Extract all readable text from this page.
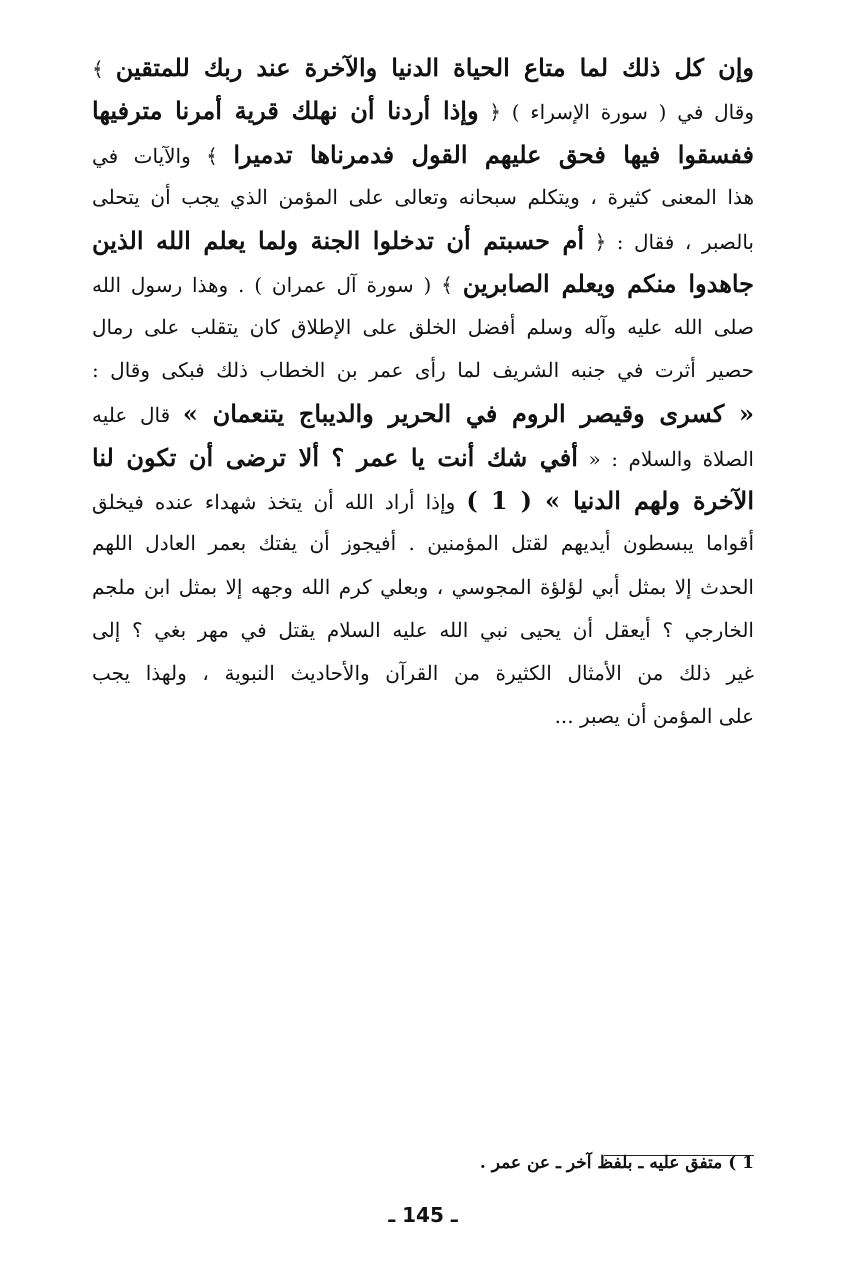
وإن كل ذلك لما متاع الحياة الدنيا والآخرة عند ربك للمتقين ﴾
وقال في ( سورة الإسراء ) ﴿ وإذا أردنا أن نهلك قرية أمرنا مترفيها
ففسقوا فيها فحق عليهم القول فدمرناها تدميرا ﴾ والآيات في
هذا المعنى كثيرة ، ويتكلم سبحانه وتعالى على المؤمن الذي يجب أن يتحلى
بالصبر ، فقال : ﴿ أم حسبتم أن تدخلوا الجنة ولما يعلم الله الذين
جاهدوا منكم ويعلم الصابرين ﴾ ( سورة آل عمران ) . وهذا رسول الله
صلى الله عليه وآله وسلم أفضل الخلق على الإطلاق كان يتقلب على رمال
حصير أثرت في جنبه الشريف لما رأى عمر بن الخطاب ذلك فبكى وقال :
« كسرى وقيصر الروم في الحرير والديباج يتنعمان » قال عليه
الصلاة والسلام : « أفي شك أنت يا عمر ؟ ألا ترضى أن تكون لنا
الآخرة ولهم الدنيا » ( 1 ) وإذا أراد الله أن يتخذ شهداء عنده فيخلق
أقواما يبسطون أيديهم لقتل المؤمنين . أفيجوز أن يفتك بعمر العادل اللهم
الحدث إلا بمثل أبي لؤلؤة المجوسي ، وبعلي كرم الله وجهه إلا بمثل ابن ملجم
الخارجي ؟ أيعقل أن يحيى نبي الله عليه السلام يقتل في مهر بغي ؟ إلى
غير ذلك من الأمثال الكثيرة من القرآن والأحاديث النبوية ، ولهذا يجب
على المؤمن أن يصبر ...
1 ) متفق عليه ـ بلفظ آخر ـ عن عمر .
ـ 145 ـ
